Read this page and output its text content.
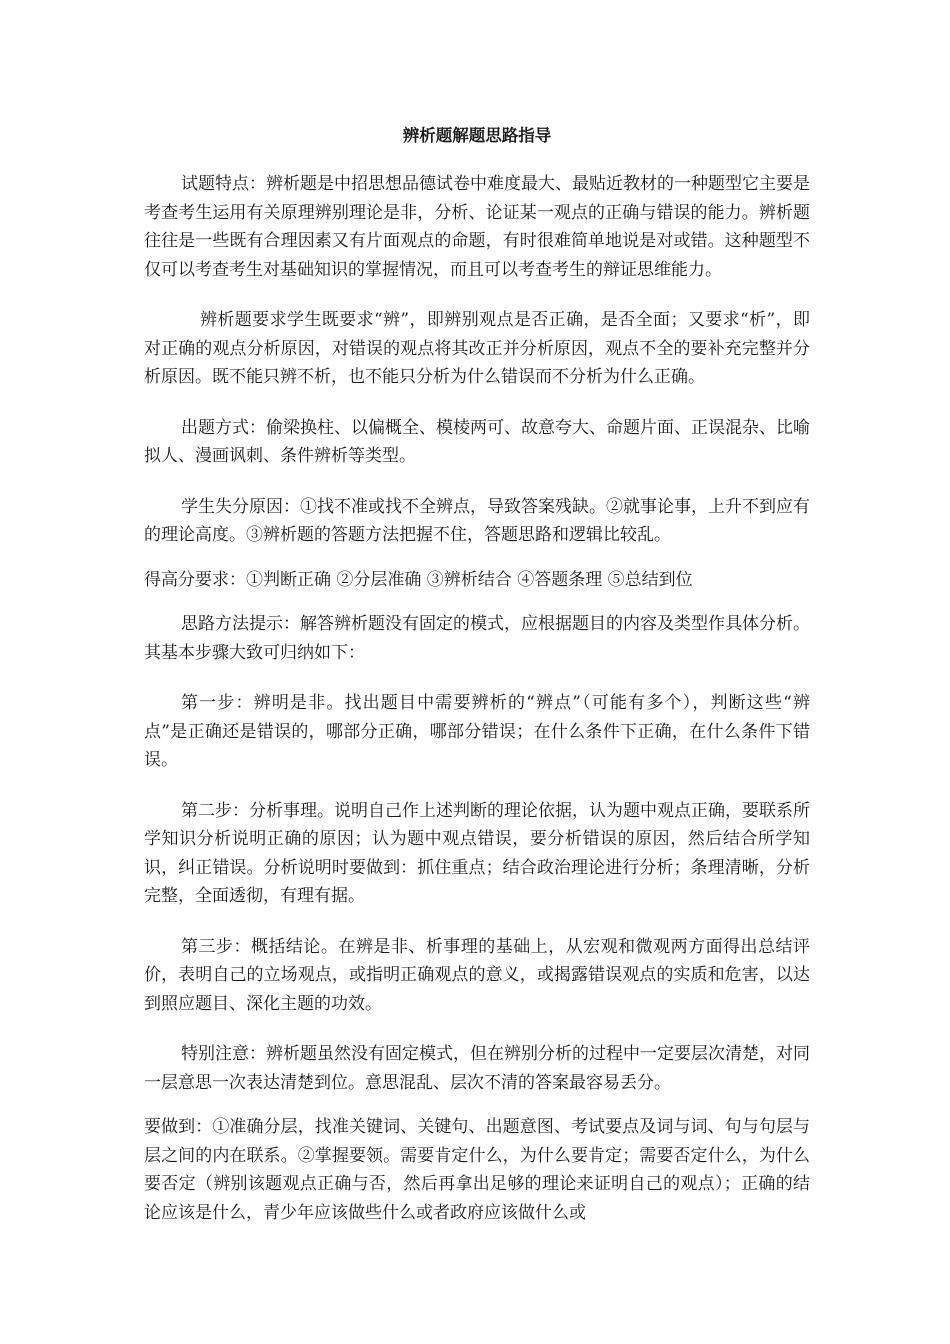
辨析题解题思路指导

试题特点：辨析题是中招思想品德试卷中难度最大、最贴近教材的一种题型它主要是考查考生运用有关原理辨别理论是非，分析、论证某一观点的正确与错误的能力。辨析题往往是一些既有合理因素又有片面观点的命题，有时很难简单地说是对或错。这种题型不仅可以考查考生对基础知识的掌握情况，而且可以考查考生的辩证思维能力。

辨析题要求学生既要求“辨”，即辨别观点是否正确，是否全面；又要求“析”，即对正确的观点分析原因，对错误的观点将其改正并分析原因，观点不全的要补充完整并分析原因。既不能只辨不析，也不能只分析为什么错误而不分析为什么正确。

出题方式：偷梁换柱、以偏概全、模棱两可、故意夸大、命题片面、正误混杂、比喻拟人、漫画讽刺、条件辨析等类型。

学生失分原因：①找不准或找不全辨点，导致答案残缺。②就事论事，上升不到应有的理论高度。③辨析题的答题方法把握不住，答题思路和逻辑比较乱。

得高分要求：①判断正确 ②分层准确 ③辨析结合 ④答题条理 ⑤总结到位

思路方法提示：解答辨析题没有固定的模式，应根据题目的内容及类型作具体分析。其基本步骤大致可归纳如下：

第一步：辨明是非。找出题目中需要辨析的“辨点”（可能有多个），判断这些“辨点”是正确还是错误的，哪部分正确，哪部分错误；在什么条件下正确，在什么条件下错误。

第二步：分析事理。说明自己作上述判断的理论依据，认为题中观点正确，要联系所学知识分析说明正确的原因；认为题中观点错误，要分析错误的原因，然后结合所学知识，纠正错误。分析说明时要做到：抓住重点；结合政治理论进行分析；条理清晰，分析完整，全面透彻，有理有据。

第三步：概括结论。在辨是非、析事理的基础上，从宏观和微观两方面得出总结评价，表明自己的立场观点，或指明正确观点的意义，或揭露错误观点的实质和危害，以达到照应题目、深化主题的功效。

特别注意：辨析题虽然没有固定模式，但在辨别分析的过程中一定要层次清楚，对同一层意思一次表达清楚到位。意思混乱、层次不清的答案最容易丢分。

要做到：①准确分层，找准关键词、关键句、出题意图、考试要点及词与词、句与句层与层之间的内在联系。②掌握要领。需要肯定什么，为什么要肯定；需要否定什么，为什么要否定（辨别该题观点正确与否，然后再拿出足够的理论来证明自己的观点）；正确的结论应该是什么，青少年应该做些什么或者政府应该做什么或
